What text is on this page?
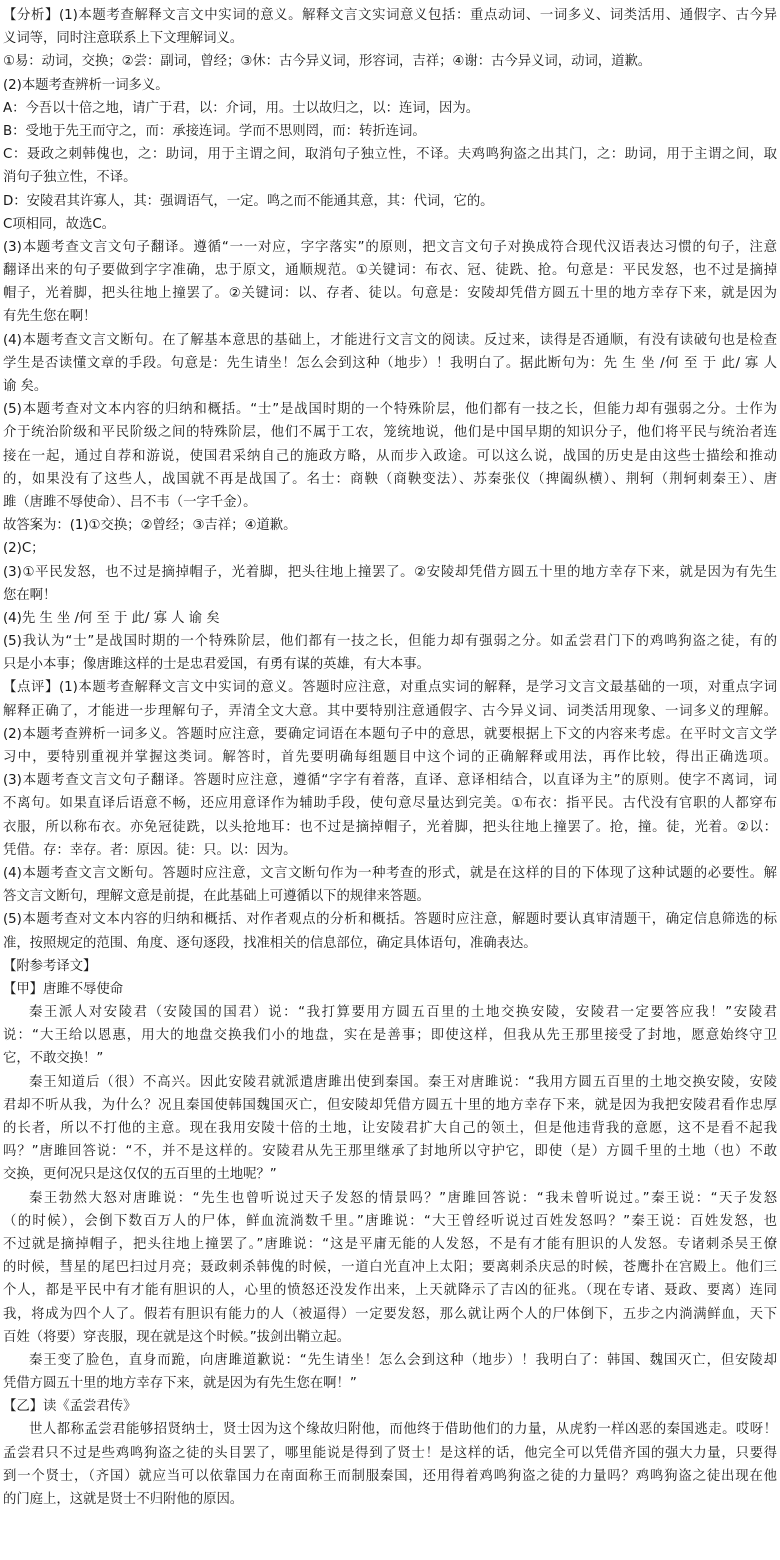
【分析】(1)本题考查解释文言文中实词的意义。解释文言文实词意义包括：重点动词、一词多义、词类活用、通假字、古今异
义词等，同时注意联系上下文理解词义。
①易：动词，交换；②尝：副词，曾经；③休：古今异义词，形容词，吉祥；④谢：古今异义词，动词，道歉。
(2)本题考查辨析一词多义。
A：今吾以十倍之地，请广于君，以：介词，用。士以故归之，以：连词，因为。
B：受地于先王而守之，而：承接连词。学而不思则罔，而：转折连词。
C：聂政之刺韩傀也，之：助词，用于主谓之间，取消句子独立性，不译。夫鸡鸣狗盗之出其门，之：助词，用于主谓之间，取
消句子独立性，不译。
D：安陵君其许寡人，其：强调语气，一定。鸣之而不能通其意，其：代词，它的。
C项相同，故选C。
(3)本题考查文言文句子翻译。遵循“一一对应，字字落实”的原则，把文言文句子对换成符合现代汉语表达习惯的句子，注意
翻译出来的句子要做到字字准确，忠于原文，通顺规范。①关键词：布衣、冠、徒跣、抢。句意是：平民发怒，也不过是摘掉
帽子，光着脚，把头往地上撞罢了。②关键词：以、存者、徒以。句意是：安陵却凭借方圆五十里的地方幸存下来，就是因为
有先生您在啊！
(4)本题考查文言文断句。在了解基本意思的基础上，才能进行文言文的阅读。反过来，读得是否通顺，有没有读破句也是检查
学生是否读懂文章的手段。句意是：先生请坐！怎么会到这种（地步）！我明白了。据此断句为：先 生 坐 /何 至 于 此/ 寡 人
谕 矣。
(5)本题考查对文本内容的归纳和概括。“士”是战国时期的一个特殊阶层，他们都有一技之长，但能力却有强弱之分。士作为
介于统治阶级和平民阶级之间的特殊阶层，他们不属于工农，笼统地说，他们是中国早期的知识分子，他们将平民与统治者连
接在一起，通过自荐和游说，使国君采纳自己的施政方略，从而步入政途。可以这么说，战国的历史是由这些士描绘和推动
的，如果没有了这些人，战国就不再是战国了。名士：商鞅（商鞅变法）、苏秦张仪（捭阖纵横）、荆轲（荆轲刺秦王）、唐
雎（唐雎不辱使命）、吕不韦（一字千金）。
故答案为：(1)①交换；②曾经；③吉祥；④道歉。
(2)C；
(3)①平民发怒，也不过是摘掉帽子，光着脚，把头往地上撞罢了。②安陵却凭借方圆五十里的地方幸存下来，就是因为有先生
您在啊！
(4)先 生 坐 /何 至 于 此/ 寡 人 谕 矣
(5)我认为“士”是战国时期的一个特殊阶层，他们都有一技之长，但能力却有强弱之分。如孟尝君门下的鸡鸣狗盗之徒，有的
只是小本事；像唐雎这样的士是忠君爱国，有勇有谋的英雄，有大本事。
【点评】(1)本题考查解释文言文中实词的意义。答题时应注意，对重点实词的解释，是学习文言文最基础的一项，对重点字词
解释正确了，才能进一步理解句子，弄清全文大意。其中要特别注意通假字、古今异义词、词类活用现象、一词多义的理解。
(2)本题考查辨析一词多义。答题时应注意，要确定词语在本题句子中的意思，就要根据上下文的内容来考虑。在平时文言文学
习中，要特别重视并掌握这类词。解答时，首先要明确每组题目中这个词的正确解释或用法，再作比较，得出正确选项。
(3)本题考查文言文句子翻译。答题时应注意，遵循“字字有着落，直译、意译相结合，以直译为主”的原则。使字不离词，词
不离句。如果直译后语意不畅，还应用意译作为辅助手段，使句意尽量达到完美。①布衣：指平民。古代没有官职的人都穿布
衣服，所以称布衣。亦免冠徒跣，以头抢地耳：也不过是摘掉帽子，光着脚，把头往地上撞罢了。抢，撞。徒，光着。②以：
凭借。存：幸存。者：原因。徒：只。以：因为。
(4)本题考查文言文断句。答题时应注意，文言文断句作为一种考查的形式，就是在这样的目的下体现了这种试题的必要性。解
答文言文断句，理解文意是前提，在此基础上可遵循以下的规律来答题。
(5)本题考查对文本内容的归纳和概括、对作者观点的分析和概括。答题时应注意，解题时要认真审清题干，确定信息筛选的标
准，按照规定的范围、角度、逐句逐段，找准相关的信息部位，确定具体语句，准确表达。
【附参考译文】
【甲】唐雎不辱使命
秦王派人对安陵君（安陵国的国君）说：“我打算要用方圆五百里的土地交换安陵，安陵君一定要答应我！”安陵君
说：“大王给以恩惠，用大的地盘交换我们小的地盘，实在是善事；即使这样，但我从先王那里接受了封地，愿意始终守卫
它，不敢交换！”
秦王知道后（很）不高兴。因此安陵君就派遣唐雎出使到秦国。秦王对唐雎说：“我用方圆五百里的土地交换安陵，安陵
君却不听从我，为什么？况且秦国使韩国魏国灭亡，但安陵却凭借方圆五十里的地方幸存下来，就是因为我把安陵君看作忠厚
的长者，所以不打他的主意。现在我用安陵十倍的土地，让安陵君扩大自己的领土，但是他违背我的意愿，这不是看不起我
吗？”唐雎回答说：“不，并不是这样的。安陵君从先王那里继承了封地所以守护它，即使（是）方圆千里的土地（也）不敢
交换，更何况只是这仅仅的五百里的土地呢？”
秦王勃然大怒对唐雎说：“先生也曾听说过天子发怒的情景吗？”唐雎回答说：“我未曾听说过。”秦王说：“天子发怒
（的时候），会倒下数百万人的尸体，鲜血流淌数千里。”唐雎说：“大王曾经听说过百姓发怒吗？”秦王说：百姓发怒，也
不过就是摘掉帽子，把头往地上撞罢了。”唐雎说：“这是平庸无能的人发怒，不是有才能有胆识的人发怒。专诸刺杀吴王僚
的时候，彗星的尾巴扫过月亮；聂政刺杀韩傀的时候，一道白光直冲上太阳；要离刺杀庆忌的时候，苍鹰扑在宫殿上。他们三
个人，都是平民中有才能有胆识的人，心里的愤怒还没发作出来，上天就降示了吉凶的征兆。（现在专诸、聂政、要离）连同
我，将成为四个人了。假若有胆识有能力的人（被逼得）一定要发怒，那么就让两个人的尸体倒下，五步之内淌满鲜血，天下
百姓（将要）穿丧服，现在就是这个时候。”拔剑出鞘立起。
秦王变了脸色，直身而跪，向唐雎道歉说：“先生请坐！怎么会到这种（地步）！我明白了：韩国、魏国灭亡，但安陵却
凭借方圆五十里的地方幸存下来，就是因为有先生您在啊！”
【乙】读《孟尝君传》
世人都称孟尝君能够招贤纳士，贤士因为这个缘故归附他，而他终于借助他们的力量，从虎豹一样凶恶的秦国逃走。哎呀！
孟尝君只不过是些鸡鸣狗盗之徒的头目罢了，哪里能说是得到了贤士！是这样的话，他完全可以凭借齐国的强大力量，只要得
到一个贤士，（齐国）就应当可以依靠国力在南面称王而制服秦国，还用得着鸡鸣狗盗之徒的力量吗？鸡鸣狗盗之徒出现在他
的门庭上，这就是贤士不归附他的原因。
